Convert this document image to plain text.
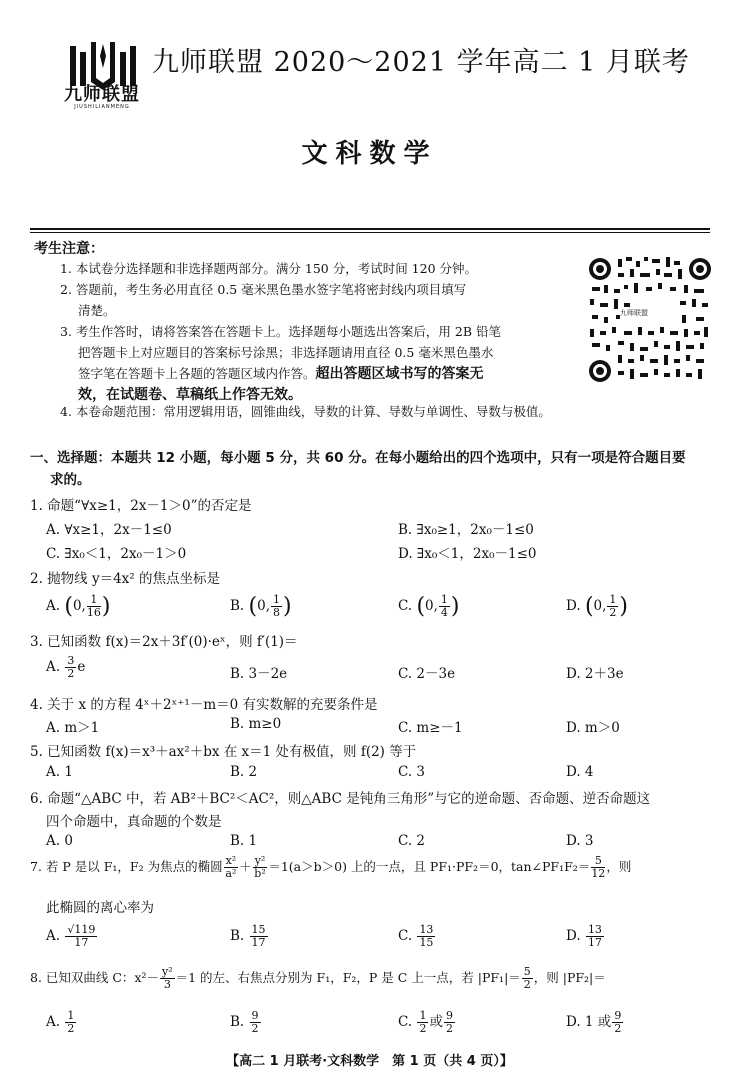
九师联盟
JIUSHILIANMENG
九师联盟 2020～2021 学年高二 1 月联考
文科数学
考生注意：

1. 本试卷分选择题和非选择题两部分。满分 150 分，考试时间 120 分钟。

2. 答题前，考生务必用直径 0.5 毫米黑色墨水签字笔将密封线内项目填写

清楚。

3. 考生作答时，请将答案答在答题卡上。选择题每小题选出答案后，用 2B 铅笔

把答题卡上对应题目的答案标号涂黑；非选择题请用直径 0.5 毫米黑色墨水

签字笔在答题卡上各题的答题区域内作答。超出答题区域书写的答案无

效，在试题卷、草稿纸上作答无效。

4. 本卷命题范围：常用逻辑用语，圆锥曲线，导数的计算、导数与单调性、导数与极值。
九师联盟
一、选择题：本题共 12 小题，每小题 5 分，共 60 分。在每小题给出的四个选项中，只有一项是符合题目要
求的。
1. 命题“∀x≥1，2x－1＞0”的否定是
A. ∀x≥1，2x－1≤0	B. ∃x₀≥1，2x₀－1≤0
C. ∃x₀＜1，2x₀－1＞0	D. ∃x₀＜1，2x₀－1≤0
2. 抛物线 y＝4x² 的焦点坐标是
A. (0, $\frac{1}{16}$ )	B. (0, $\frac{1}{8}$ )	C. (0, $\frac{1}{4}$ )	D. (0, $\frac{1}{2}$ )
3. 已知函数 f(x)＝2x＋3f′(0)·eˣ，则 f′(1)＝
A. $\frac{3}{2}$ e	B. 3－2e	C. 2－3e	D. 2＋3e
4. 关于 x 的方程 4ˣ＋2ˣ⁺¹－m＝0 有实数解的充要条件是
A. m＞1	B. m≥0	C. m≥－1	D. m＞0
5. 已知函数 f(x)＝x³＋ax²＋bx 在 x＝1 处有极值，则 f(2) 等于
A. 1	B. 2	C. 3	D. 4
6. 命题“△ABC 中，若 AB²＋BC²＜AC²，则△ABC 是钝角三角形”与它的逆命题、否命题、逆否命题这
四个命题中，真命题的个数是
A. 0	B. 1	C. 2	D. 3
7. 若 P 是以 F₁，F₂ 为焦点的椭圆 $\frac{\text{x²}}{\text{a²}} + \frac{\text{y²}}{\text{b²}} =1(a>b>0)$ 上的一点，且 PF₁·PF₂＝0，tan∠PF₁F₂＝ $\frac{5}{12}$ ，则
此椭圆的离心率为
A. $\frac{√119}{17}$	B. $\frac{15}{17}$	C. $\frac{13}{15}$	D. $\frac{13}{17}$
8. 已知双曲线 C：$x^2- \frac{\text{y²}}{3} =1$ 的左、右焦点分别为 F₁，F₂，P 是 C 上一点，若 $|PF_1|= \frac{5}{2}$ ，则 |PF₂|＝
A. $\frac{1}{2}$	B. $\frac{9}{2}$	C. $\frac{1}{2}$ 或 $\frac{9}{2}$	D. 1 或 $\frac{9}{2}$
【高二 1 月联考·文科数学　第 1 页（共 4 页）】
